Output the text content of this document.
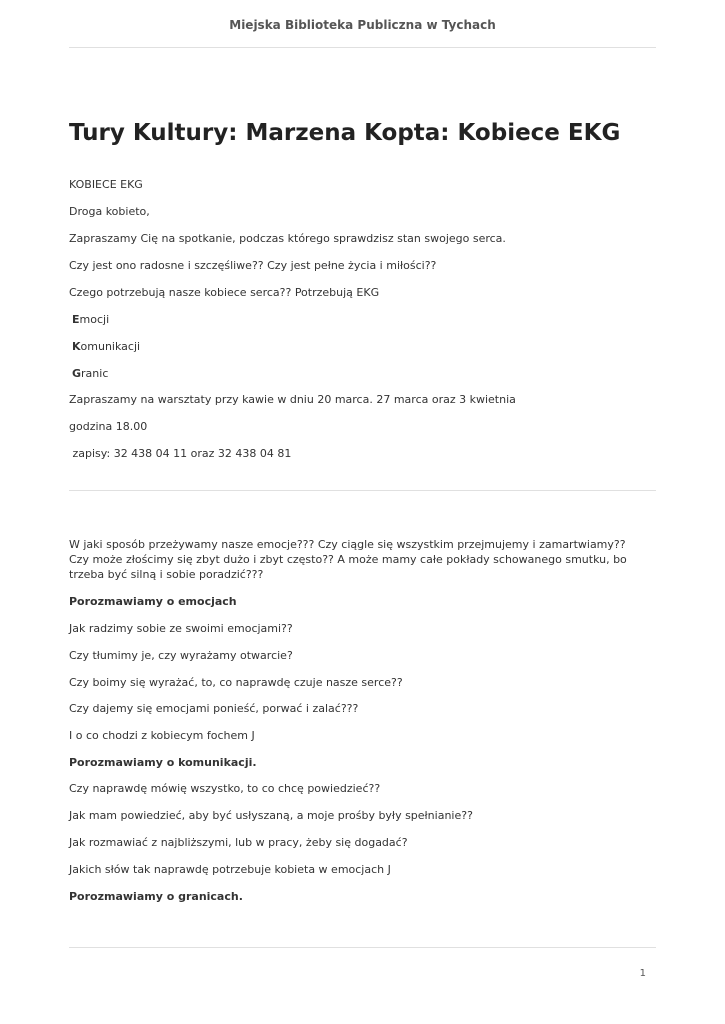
Miejska Biblioteka Publiczna w Tychach
Tury Kultury: Marzena Kopta: Kobiece EKG

KOBIECE EKG

Droga kobieto,

Zapraszamy Cię na spotkanie, podczas którego sprawdzisz stan swojego serca.

Czy jest ono radosne i szczęśliwe?? Czy jest pełne życia i miłości??

Czego potrzebują nasze kobiece serca?? Potrzebują EKG

Emocji

Komunikacji

Granic

Zapraszamy na warsztaty przy kawie w dniu 20 marca. 27 marca oraz 3 kwietnia

godzina 18.00

zapisy: 32 438 04 11 oraz 32 438 04 81

W jaki sposób przeżywamy nasze emocje??? Czy ciągle się wszystkim przejmujemy i zamartwiamy?? Czy może złościmy się zbyt dużo i zbyt często?? A może mamy całe pokłady schowanego smutku, bo trzeba być silną i sobie poradzić???

Porozmawiamy o emocjach

Jak radzimy sobie ze swoimi emocjami??

Czy tłumimy je, czy wyrażamy otwarcie?

Czy boimy się wyrażać, to, co naprawdę czuje nasze serce??

Czy dajemy się emocjami ponieść, porwać i zalać???

I o co chodzi z kobiecym fochem J

Porozmawiamy o komunikacji.

Czy naprawdę mówię wszystko, to co chcę powiedzieć??

Jak mam powiedzieć, aby być usłyszaną, a moje prośby były spełnianie??

Jak rozmawiać z najbliższymi, lub w pracy, żeby się dogadać?

Jakich słów tak naprawdę potrzebuje kobieta w emocjach J

Porozmawiamy o granicach.

1
